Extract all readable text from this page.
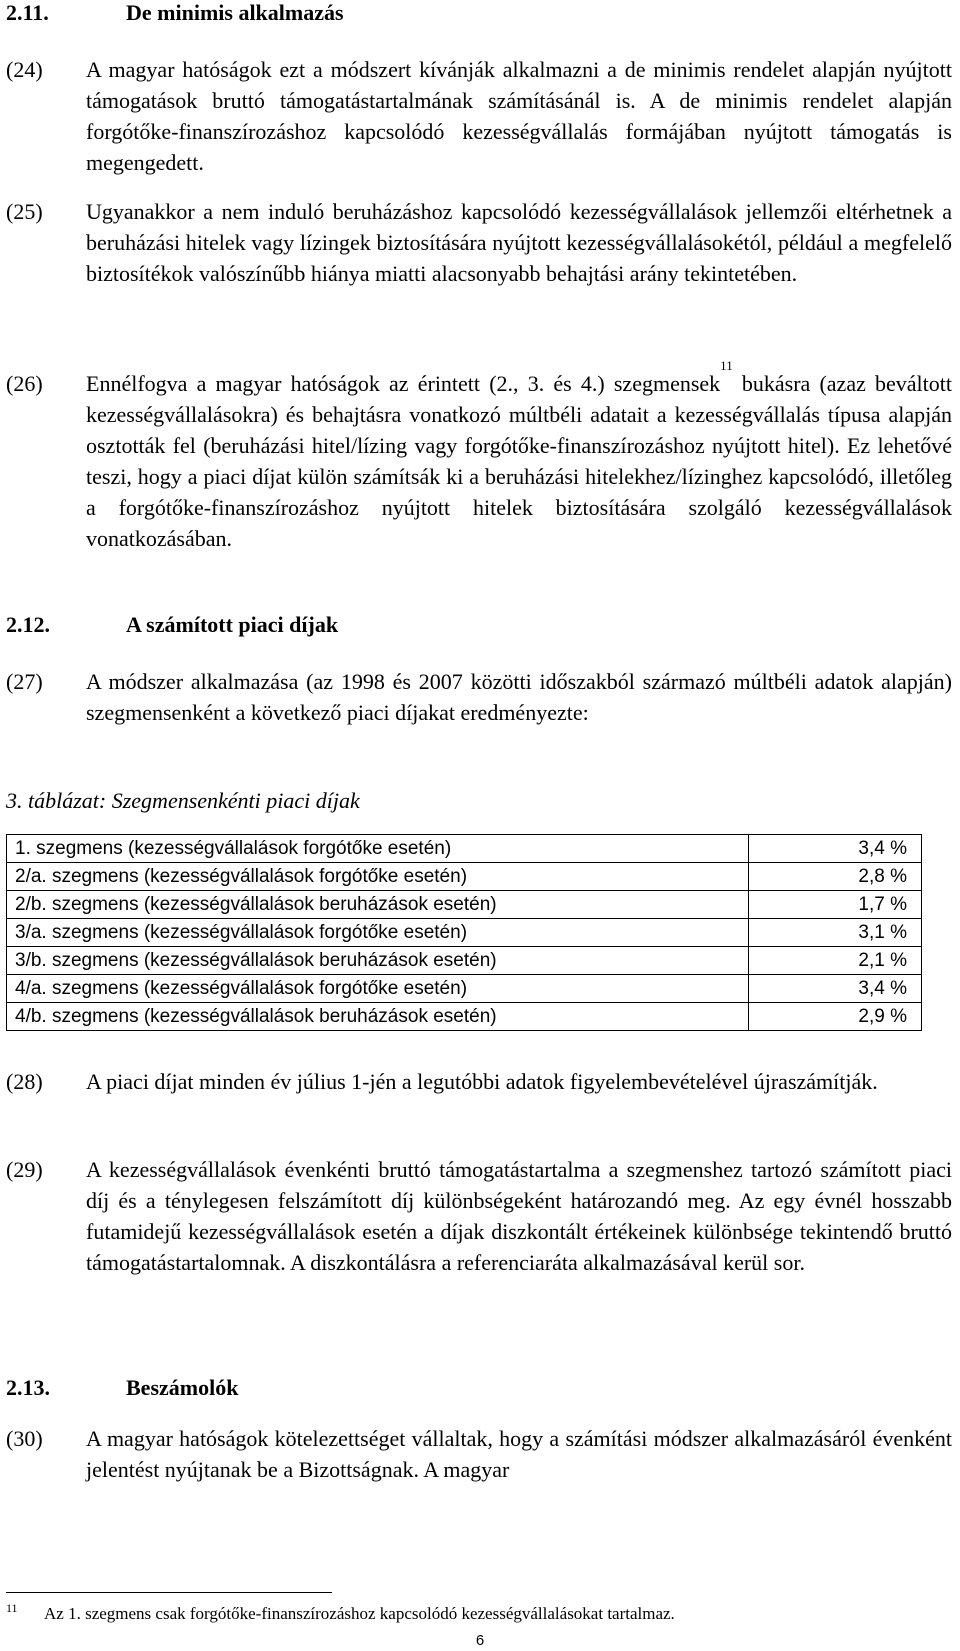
2.11.	De minimis alkalmazás
(24) A magyar hatóságok ezt a módszert kívánják alkalmazni a de minimis rendelet alapján nyújtott támogatások bruttó támogatástartalmának számításánál is. A de minimis rendelet alapján forgótőke-finanszírozáshoz kapcsolódó kezességvállalás formájában nyújtott támogatás is megengedett.
(25) Ugyanakkor a nem induló beruházáshoz kapcsolódó kezességvállalások jellemzői eltérhetnek a beruházási hitelek vagy lízingek biztosítására nyújtott kezességvállalásokétól, például a megfelelő biztosítékok valószínűbb hiánya miatti alacsonyabb behajtási arány tekintetében.
(26) Ennélfogva a magyar hatóságok az érintett (2., 3. és 4.) szegmensek$^{11}$ bukásra (azaz beváltott kezességvállalásokra) és behajtásra vonatkozó múltbéli adatait a kezességvállalás típusa alapján osztották fel (beruházási hitel/lízing vagy forgótőke-finanszírozáshoz nyújtott hitel). Ez lehetővé teszi, hogy a piaci díjat külön számítsák ki a beruházási hitelekhez/lízinghez kapcsolódó, illetőleg a forgótőke-finanszírozáshoz nyújtott hitelek biztosítására szolgáló kezességvállalások vonatkozásában.
2.12.	A számított piaci díjak
(27) A módszer alkalmazása (az 1998 és 2007 közötti időszakból származó múltbéli adatok alapján) szegmensenként a következő piaci díjakat eredményezte:
3. táblázat: Szegmensenkénti piaci díjak
1. szegmens (kezességvállalások forgótőke esetén)	3,4 %
2/a. szegmens (kezességvállalások forgótőke esetén)	2,8 %
2/b. szegmens (kezességvállalások beruházások esetén)	1,7 %
3/a. szegmens (kezességvállalások forgótőke esetén)	3,1 %
3/b. szegmens (kezességvállalások beruházások esetén)	2,1 %
4/a. szegmens (kezességvállalások forgótőke esetén)	3,4 %
4/b. szegmens (kezességvállalások beruházások esetén)	2,9 %
(28) A piaci díjat minden év július 1-jén a legutóbbi adatok figyelembevételével újraszámítják.
(29) A kezességvállalások évenkénti bruttó támogatástartalma a szegmenshez tartozó számított piaci díj és a ténylegesen felszámított díj különbségeként határozandó meg. Az egy évnél hosszabb futamidejű kezességvállalások esetén a díjak diszkontált értékeinek különbsége tekintendő bruttó támogatástartalomnak. A diszkontálásra a referenciaráta alkalmazásával kerül sor.
2.13.	Beszámolók
(30) A magyar hatóságok kötelezettséget vállaltak, hogy a számítási módszer alkalmazásáról évenként jelentést nyújtanak be a Bizottságnak. A magyar
11 Az 1. szegmens csak forgótőke-finanszírozáshoz kapcsolódó kezességvállalásokat tartalmaz.
6
